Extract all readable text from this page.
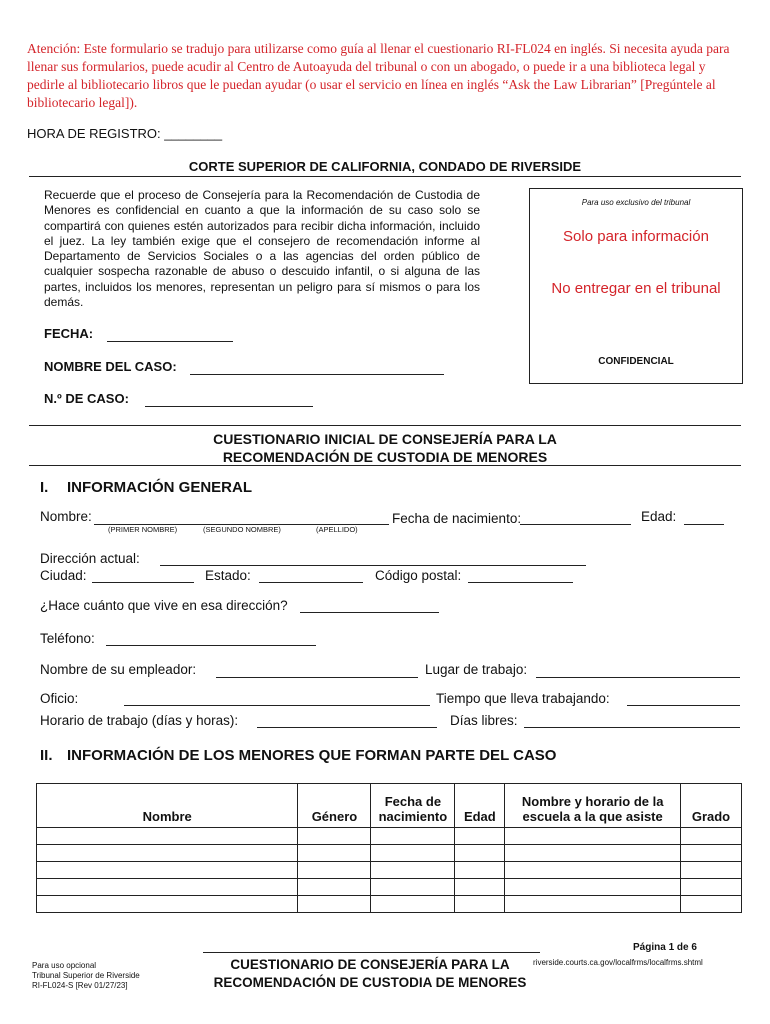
Atención: Este formulario se tradujo para utilizarse como guía al llenar el cuestionario RI-FL024 en inglés. Si necesita ayuda para llenar sus formularios, puede acudir al Centro de Autoayuda del tribunal o con un abogado, o puede ir a una biblioteca legal y pedirle al bibliotecario libros que le puedan ayudar (o usar el servicio en línea en inglés “Ask the Law Librarian” [Pregúntele al bibliotecario legal]).
HORA DE REGISTRO: ________
CORTE SUPERIOR DE CALIFORNIA, CONDADO DE RIVERSIDE
Recuerde que el proceso de Consejería para la Recomendación de Custodia de Menores es confidencial en cuanto a que la información de su caso solo se compartirá con quienes estén autorizados para recibir dicha información, incluido el juez. La ley también exige que el consejero de recomendación informe al Departamento de Servicios Sociales o a las agencias del orden público de cualquier sospecha razonable de abuso o descuido infantil, o si alguna de las partes, incluidos los menores, representan un peligro para sí mismos o para los demás.
Para uso exclusivo del tribunal
Solo para información
No entregar en el tribunal
CONFIDENCIAL
FECHA:
NOMBRE DEL CASO:
N.º DE CASO:
CUESTIONARIO INICIAL DE CONSEJERÍA PARA LA
RECOMENDACIÓN DE CUSTODIA DE MENORES
I. INFORMACIÓN GENERAL
Nombre:
(PRIMER NOMBRE)	(SEGUNDO NOMBRE)	(APELLIDO)
Fecha de nacimiento:	Edad:
Dirección actual:
Ciudad:	Estado:	Código postal:
¿Hace cuánto que vive en esa dirección?
Teléfono:
Nombre de su empleador:	Lugar de trabajo:
Oficio:	Tiempo que lleva trabajando:
Horario de trabajo (días y horas):	Días libres:
II. INFORMACIÓN DE LOS MENORES QUE FORMAN PARTE DEL CASO
Nombre	Género	Fecha de nacimiento	Edad	Nombre y horario de la escuela a la que asiste	Grado

Página 1 de 6
riverside.courts.ca.gov/localfrms/localfrms.shtml
Para uso opcional
Tribunal Superior de Riverside
RI-FL024-S [Rev 01/27/23]
CUESTIONARIO DE CONSEJERÍA PARA LA
RECOMENDACIÓN DE CUSTODIA DE MENORES
